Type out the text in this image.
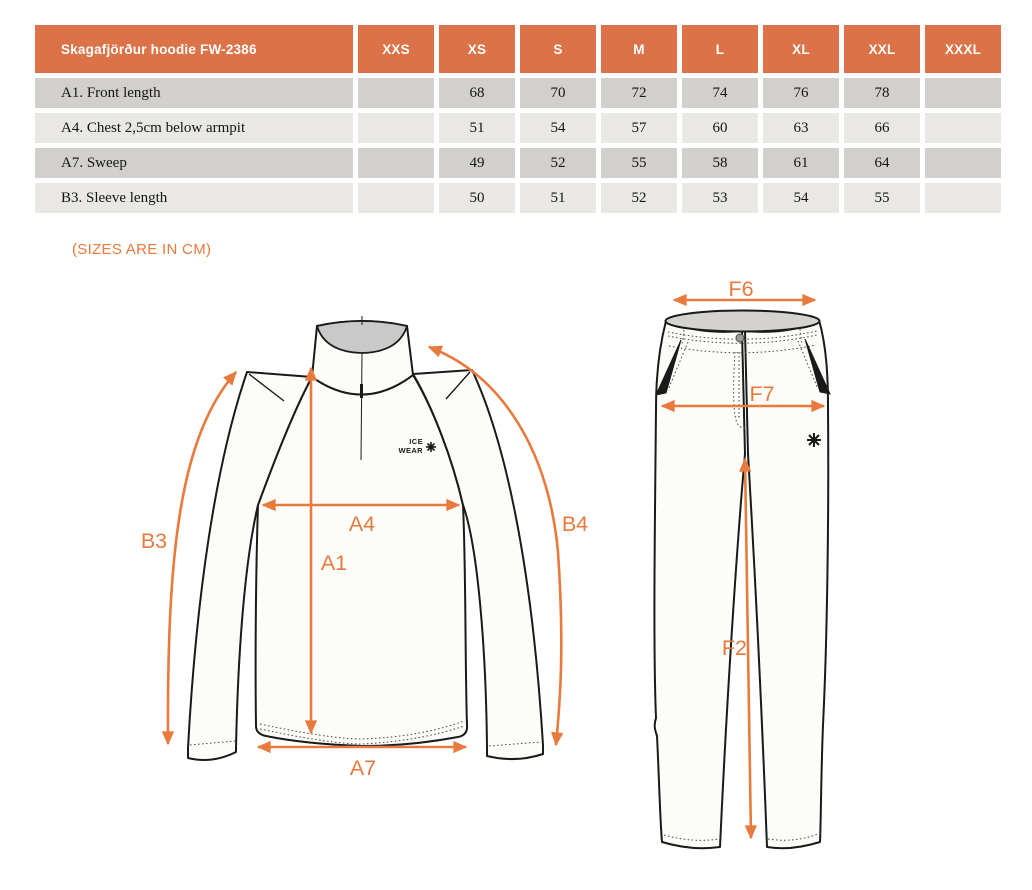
Skagafjörður hoodie FW-2386	XXS	XS	S	M	L	XL	XXL	XXXL
A1. Front length		68	70	72	74	76	78	
A4. Chest 2,5cm below armpit		51	54	57	60	63	66	
A7. Sweep		49	52	55	58	61	64	
B3. Sleeve length		50	51	52	53	54	55	
(SIZES ARE IN CM)
ICE
WEAR
B3
A1
A4
A7
B4
F6
F7
F2
